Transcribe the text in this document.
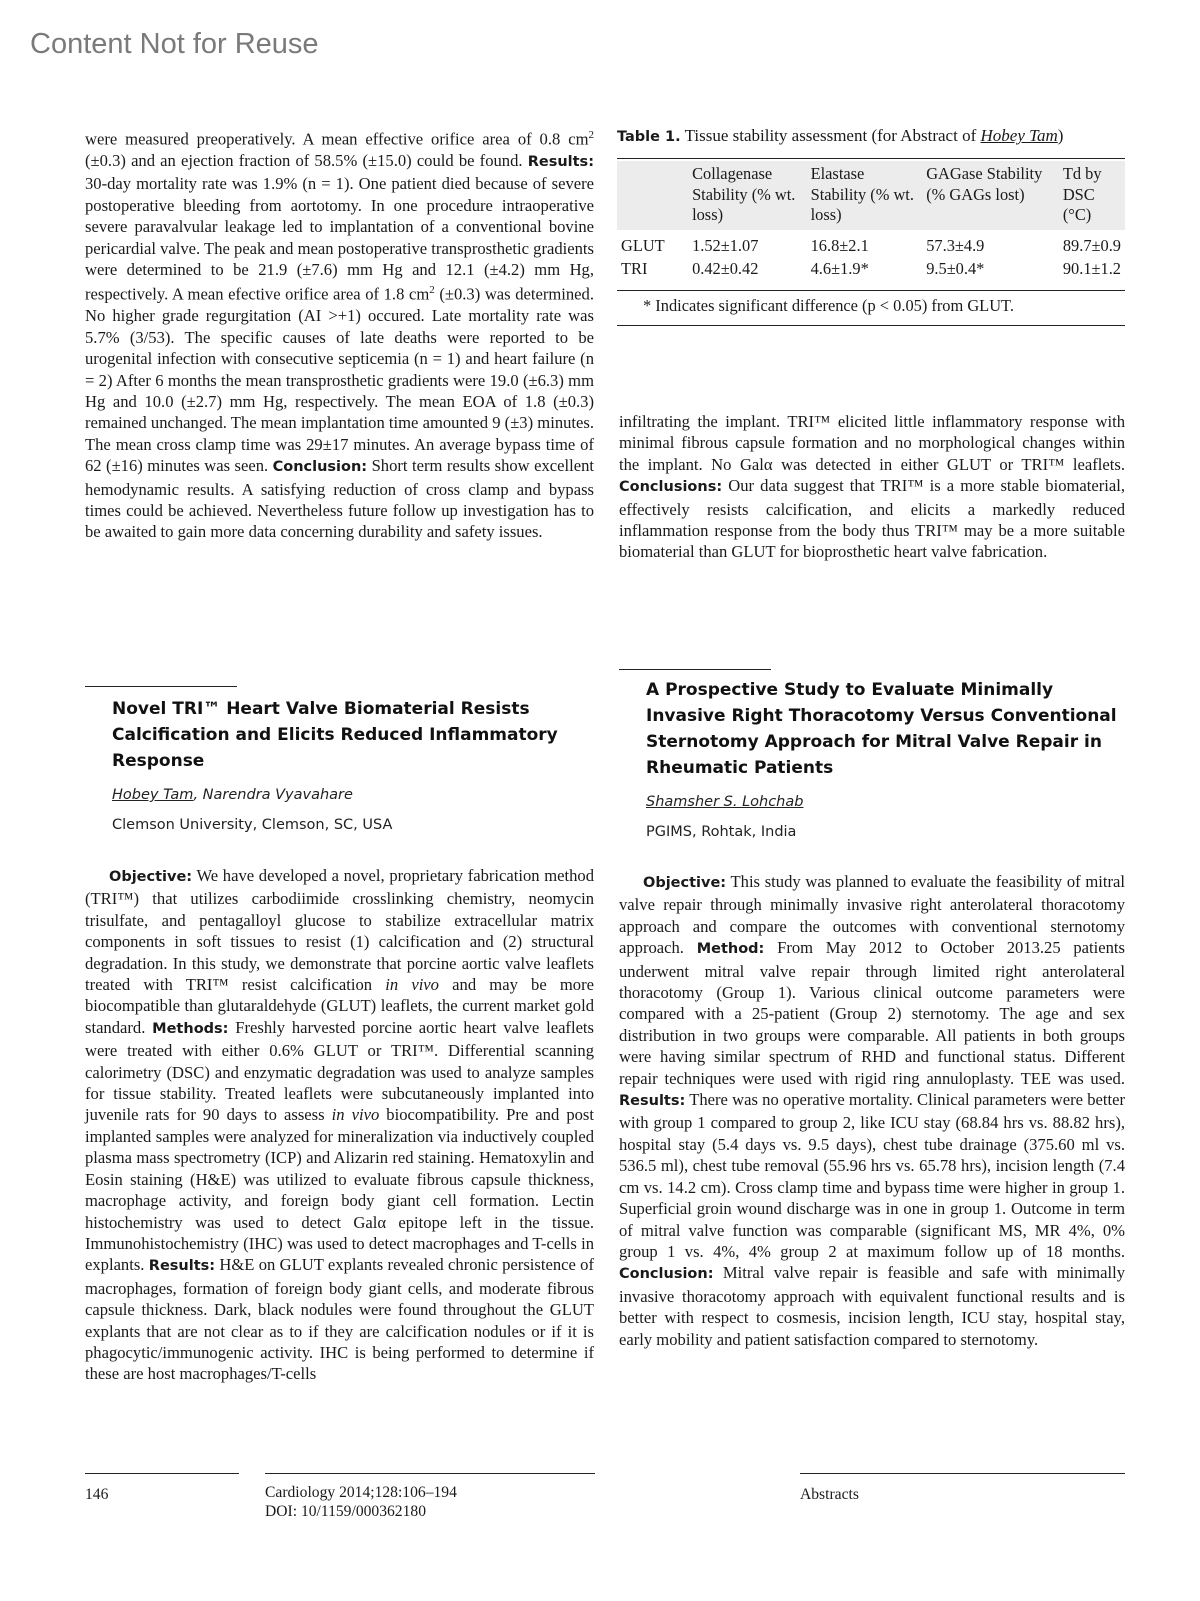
Content Not for Reuse

were measured preoperatively. A mean effective orifice area of 0.8 $cm^2$ (±0.3) and an ejection fraction of 58.5% (±15.0) could be found. Results: 30-day mortality rate was 1.9% (n = 1). One patient died because of severe postoperative bleeding from aortotomy. In one procedure intraoperative severe paravalvular leakage led to implantation of a conventional bovine pericardial valve. The peak and mean postoperative transprosthetic gradients were determined to be 21.9 (±7.6) mm Hg and 12.1 (±4.2) mm Hg, respectively. A mean efective orifice area of 1.8 $cm^2$ (±0.3) was determined. No higher grade regurgitation (AI >+1) occured. Late mortality rate was 5.7% (3/53). The specific causes of late deaths were reported to be urogenital infection with consecutive septicemia (n = 1) and heart failure (n = 2) After 6 months the mean transprosthetic gradients were 19.0 (±6.3) mm Hg and 10.0 (±2.7) mm Hg, respectively. The mean EOA of 1.8 (±0.3) remained unchanged. The mean implantation time amounted 9 (±3) minutes. The mean cross clamp time was 29±17 minutes. An average bypass time of 62 (±16) minutes was seen. Conclusion: Short term results show excellent hemodynamic results. A satisfying reduction of cross clamp and bypass times could be achieved. Nevertheless future follow up investigation has to be awaited to gain more data concerning durability and safety issues.

Table 1. Tissue stability assessment (for Abstract of Hobey Tam)
	Collagenase Stability (% wt. loss)	Elastase Stability (% wt. loss)	GAGase Stability (% GAGs lost)	Td by DSC (°C)
GLUT	1.52±1.07	16.8±2.1	57.3±4.9	89.7±0.9
TRI	0.42±0.42	4.6±1.9*	9.5±0.4*	90.1±1.2
* Indicates significant difference (p < 0.05) from GLUT.

infiltrating the implant. TRI™ elicited little inflammatory response with minimal fibrous capsule formation and no morphological changes within the implant. No Galα was detected in either GLUT or TRI™ leaflets. Conclusions: Our data suggest that TRI™ is a more stable biomaterial, effectively resists calcification, and elicits a markedly reduced inflammation response from the body thus TRI™ may be a more suitable biomaterial than GLUT for bioprosthetic heart valve fabrication.

Novel TRI™ Heart Valve Biomaterial Resists Calcification and Elicits Reduced Inflammatory Response
Hobey Tam, Narendra Vyavahare
Clemson University, Clemson, SC, USA

Objective: We have developed a novel, proprietary fabrication method (TRI™) that utilizes carbodiimide crosslinking chemistry, neomycin trisulfate, and pentagalloyl glucose to stabilize extracellular matrix components in soft tissues to resist (1) calcification and (2) structural degradation. In this study, we demonstrate that porcine aortic valve leaflets treated with TRI™ resist calcification in vivo and may be more biocompatible than glutaraldehyde (GLUT) leaflets, the current market gold standard. Methods: Freshly harvested porcine aortic heart valve leaflets were treated with either 0.6% GLUT or TRI™. Differential scanning calorimetry (DSC) and enzymatic degradation was used to analyze samples for tissue stability. Treated leaflets were subcutaneously implanted into juvenile rats for 90 days to assess in vivo biocompatibility. Pre and post implanted samples were analyzed for mineralization via inductively coupled plasma mass spectrometry (ICP) and Alizarin red staining. Hematoxylin and Eosin staining (H&E) was utilized to evaluate fibrous capsule thickness, macrophage activity, and foreign body giant cell formation. Lectin histochemistry was used to detect Galα epitope left in the tissue. Immunohistochemistry (IHC) was used to detect macrophages and T-cells in explants. Results: H&E on GLUT explants revealed chronic persistence of macrophages, formation of foreign body giant cells, and moderate fibrous capsule thickness. Dark, black nodules were found throughout the GLUT explants that are not clear as to if they are calcification nodules or if it is phagocytic/immunogenic activity. IHC is being performed to determine if these are host macrophages/T-cells

A Prospective Study to Evaluate Minimally Invasive Right Thoracotomy Versus Conventional Sternotomy Approach for Mitral Valve Repair in Rheumatic Patients
Shamsher S. Lohchab
PGIMS, Rohtak, India

Objective: This study was planned to evaluate the feasibility of mitral valve repair through minimally invasive right anterolateral thoracotomy approach and compare the outcomes with conventional sternotomy approach. Method: From May 2012 to October 2013.25 patients underwent mitral valve repair through limited right anterolateral thoracotomy (Group 1). Various clinical outcome parameters were compared with a 25-patient (Group 2) sternotomy. The age and sex distribution in two groups were comparable. All patients in both groups were having similar spectrum of RHD and functional status. Different repair techniques were used with rigid ring annuloplasty. TEE was used. Results: There was no operative mortality. Clinical parameters were better with group 1 compared to group 2, like ICU stay (68.84 hrs vs. 88.82 hrs), hospital stay (5.4 days vs. 9.5 days), chest tube drainage (375.60 ml vs. 536.5 ml), chest tube removal (55.96 hrs vs. 65.78 hrs), incision length (7.4 cm vs. 14.2 cm). Cross clamp time and bypass time were higher in group 1. Superficial groin wound discharge was in one in group 1. Outcome in term of mitral valve function was comparable (significant MS, MR 4%, 0% group 1 vs. 4%, 4% group 2 at maximum follow up of 18 months. Conclusion: Mitral valve repair is feasible and safe with minimally invasive thoracotomy approach with equivalent functional results and is better with respect to cosmesis, incision length, ICU stay, hospital stay, early mobility and patient satisfaction compared to sternotomy.

146	Cardiology 2014;128:106–194
DOI: 10/1159/000362180
Abstracts
